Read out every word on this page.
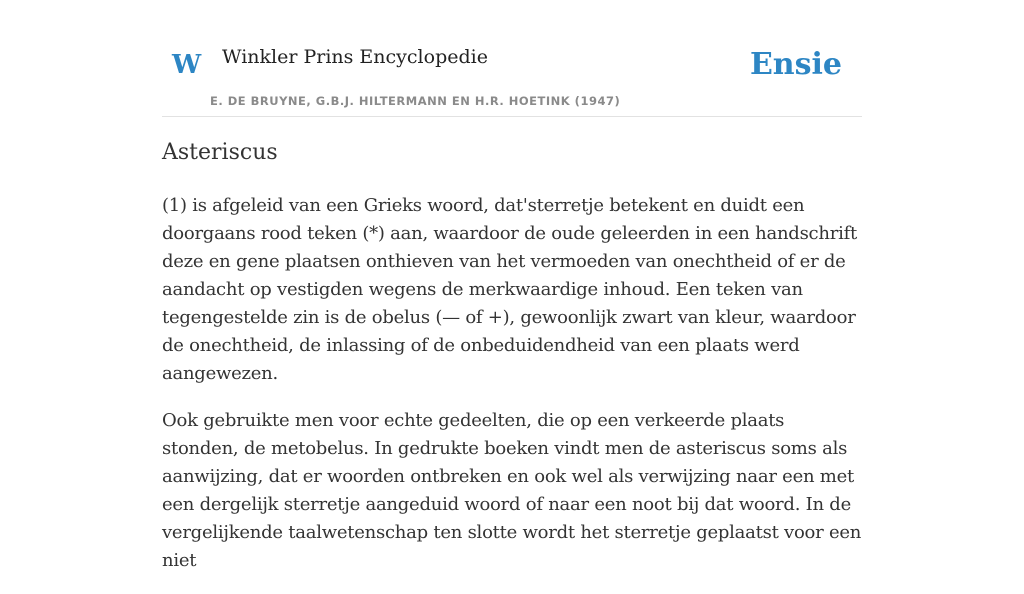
W Winkler Prins Encyclopedie
E. DE BRUYNE, G.B.J. HILTERMANN EN H.R. HOETINK (1947)
Ensie
Asteriscus

(1) is afgeleid van een Grieks woord, dat'sterretje betekent en duidt een doorgaans rood teken (*) aan, waardoor de oude geleerden in een handschrift deze en gene plaatsen onthieven van het vermoeden van onechtheid of er de aandacht op vestigden wegens de merkwaardige inhoud. Een teken van tegengestelde zin is de obelus (— of +), gewoonlijk zwart van kleur, waardoor de onechtheid, de inlassing of de onbeduidendheid van een plaats werd aangewezen.

Ook gebruikte men voor echte gedeelten, die op een verkeerde plaats stonden, de metobelus. In gedrukte boeken vindt men de asteriscus soms als aanwijzing, dat er woorden ontbreken en ook wel als verwijzing naar een met een dergelijk sterretje aangeduid woord of naar een noot bij dat woord. In de vergelijkende taalwetenschap ten slotte wordt het sterretje geplaatst voor een niet
